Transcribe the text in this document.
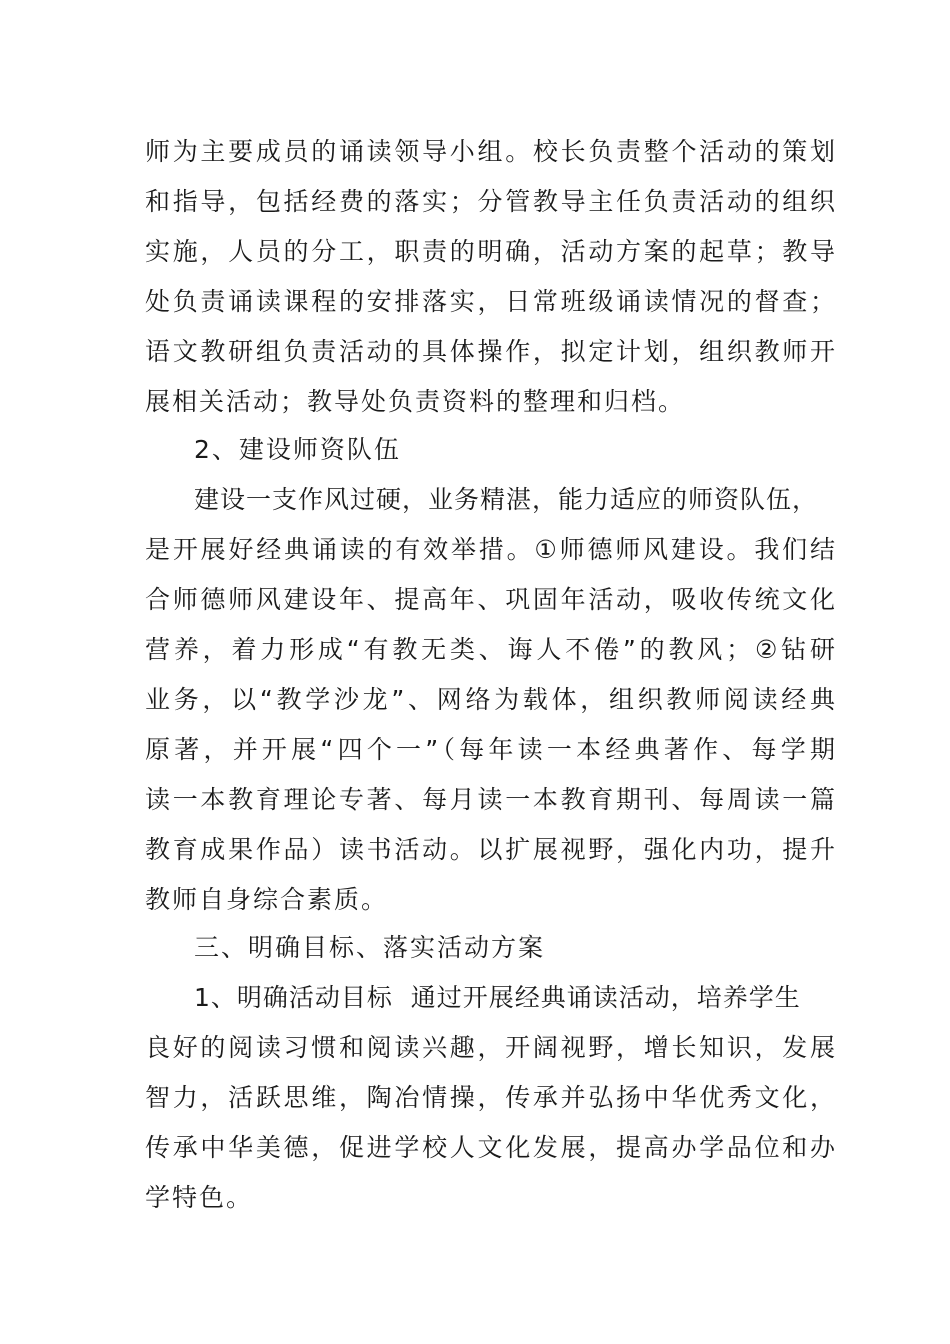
师为主要成员的诵读领导小组。校长负责整个活动的策划

和指导，包括经费的落实；分管教导主任负责活动的组织

实施，人员的分工，职责的明确，活动方案的起草；教导

处负责诵读课程的安排落实，日常班级诵读情况的督查；

语文教研组负责活动的具体操作，拟定计划，组织教师开

展相关活动；教导处负责资料的整理和归档。

2、建设师资队伍

建设一支作风过硬，业务精湛，能力适应的师资队伍，

是开展好经典诵读的有效举措。①师德师风建设。我们结

合师德师风建设年、提高年、巩固年活动，吸收传统文化

营养，着力形成“有教无类、诲人不倦”的教风；②钻研

业务，以“教学沙龙”、网络为载体，组织教师阅读经典

原著，并开展“四个一”（每年读一本经典著作、每学期

读一本教育理论专著、每月读一本教育期刊、每周读一篇

教育成果作品）读书活动。以扩展视野，强化内功，提升

教师自身综合素质。

三、明确目标、落实活动方案

1、明确活动目标  通过开展经典诵读活动，培养学生

良好的阅读习惯和阅读兴趣，开阔视野，增长知识，发展

智力，活跃思维，陶冶情操，传承并弘扬中华优秀文化，

传承中华美德，促进学校人文化发展，提高办学品位和办

学特色。
